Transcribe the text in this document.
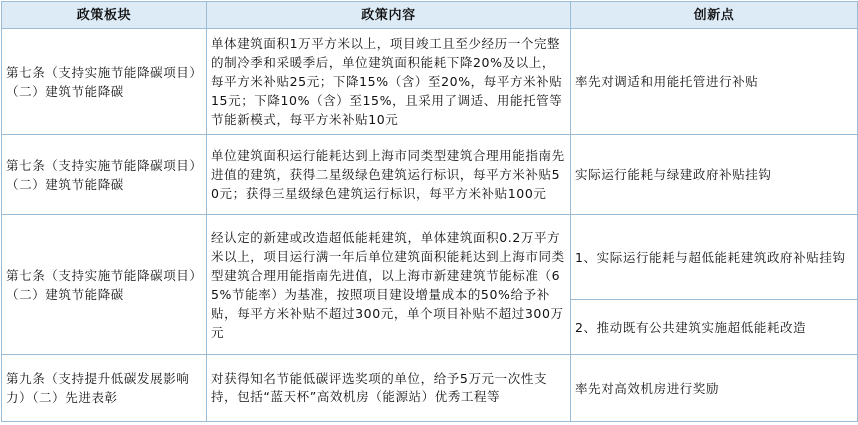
政策板块	政策内容	创新点
第七条（支持实施节能降碳项目）（二）建筑节能降碳	单体建筑面积1万平方米以上，项目竣工且至少经历一个完整的制冷季和采暖季后，单位建筑面积能耗下降20%及以上，每平方米补贴25元；下降15%（含）至20%，每平方米补贴15元；下降10%（含）至15%，且采用了调适、用能托管等节能新模式，每平方米补贴10元	率先对调适和用能托管进行补贴
第七条（支持实施节能降碳项目）（二）建筑节能降碳	单位建筑面积运行能耗达到上海市同类型建筑合理用能指南先进值的建筑，获得二星级绿色建筑运行标识，每平方米补贴50元；获得三星级绿色建筑运行标识，每平方米补贴100元	实际运行能耗与绿建政府补贴挂钩
第七条（支持实施节能降碳项目）（二）建筑节能降碳	经认定的新建或改造超低能耗建筑，单体建筑面积0.2万平方米以上，项目运行满一年后单位建筑面积能耗达到上海市同类型建筑合理用能指南先进值，以上海市新建建筑节能标准（65%节能率）为基准，按照项目建设增量成本的50%给予补贴，每平方米补贴不超过300元，单个项目补贴不超过300万元	1、实际运行能耗与超低能耗建筑政府补贴挂钩
		2、推动既有公共建筑实施超低能耗改造
第九条（支持提升低碳发展影响力）（二）先进表彰	对获得知名节能低碳评选奖项的单位，给予5万元一次性支持，包括“蓝天杯”高效机房（能源站）优秀工程等	率先对高效机房进行奖励
